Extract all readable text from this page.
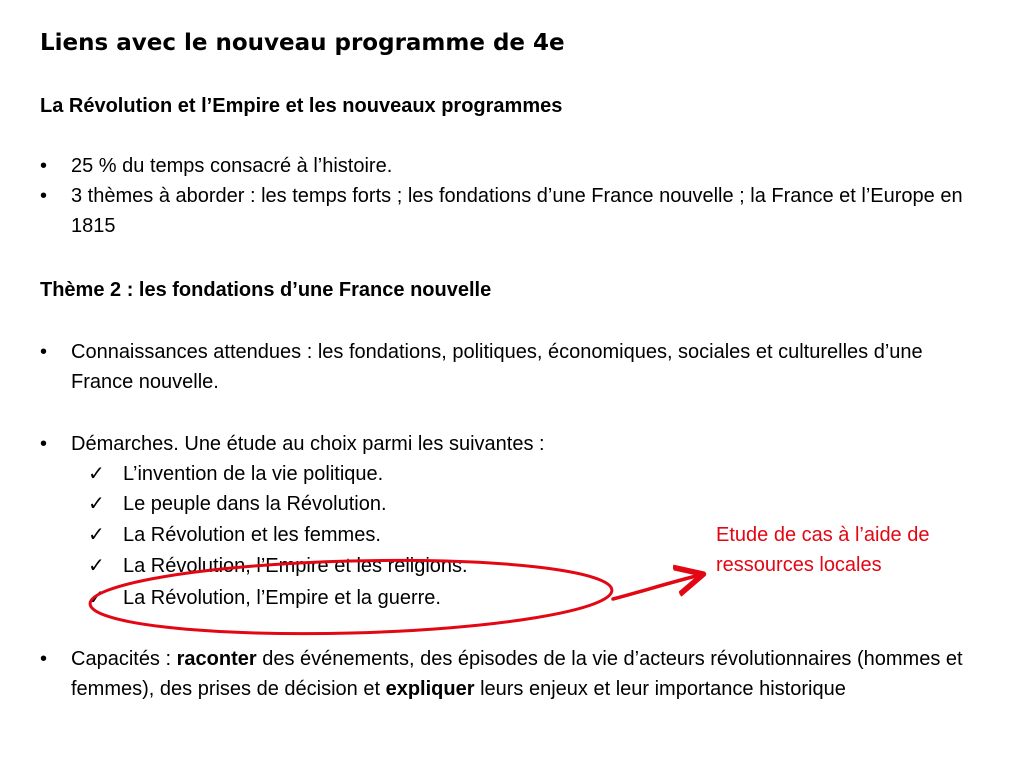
Liens avec le nouveau programme de 4e
La Révolution et l’Empire et les nouveaux programmes
• 25 % du temps consacré à l’histoire.
• 3 thèmes à aborder : les temps forts ; les fondations d’une France nouvelle ; la France et l’Europe en 1815
Thème 2 : les fondations d’une France nouvelle
• Connaissances attendues : les fondations, politiques, économiques, sociales et culturelles d’une France nouvelle.
• Démarches. Une étude au choix parmi les suivantes :
✓ L’invention de la vie politique.
✓ Le peuple dans la Révolution.
✓ La Révolution et les femmes.
✓ La Révolution, l’Empire et les religions.
✓ La Révolution, l’Empire et la guerre.
• Capacités : raconter des événements, des épisodes de la vie d’acteurs révolutionnaires (hommes et femmes), des prises de décision et expliquer leurs enjeux et leur importance historique
Etude de cas à l’aide de
ressources locales
